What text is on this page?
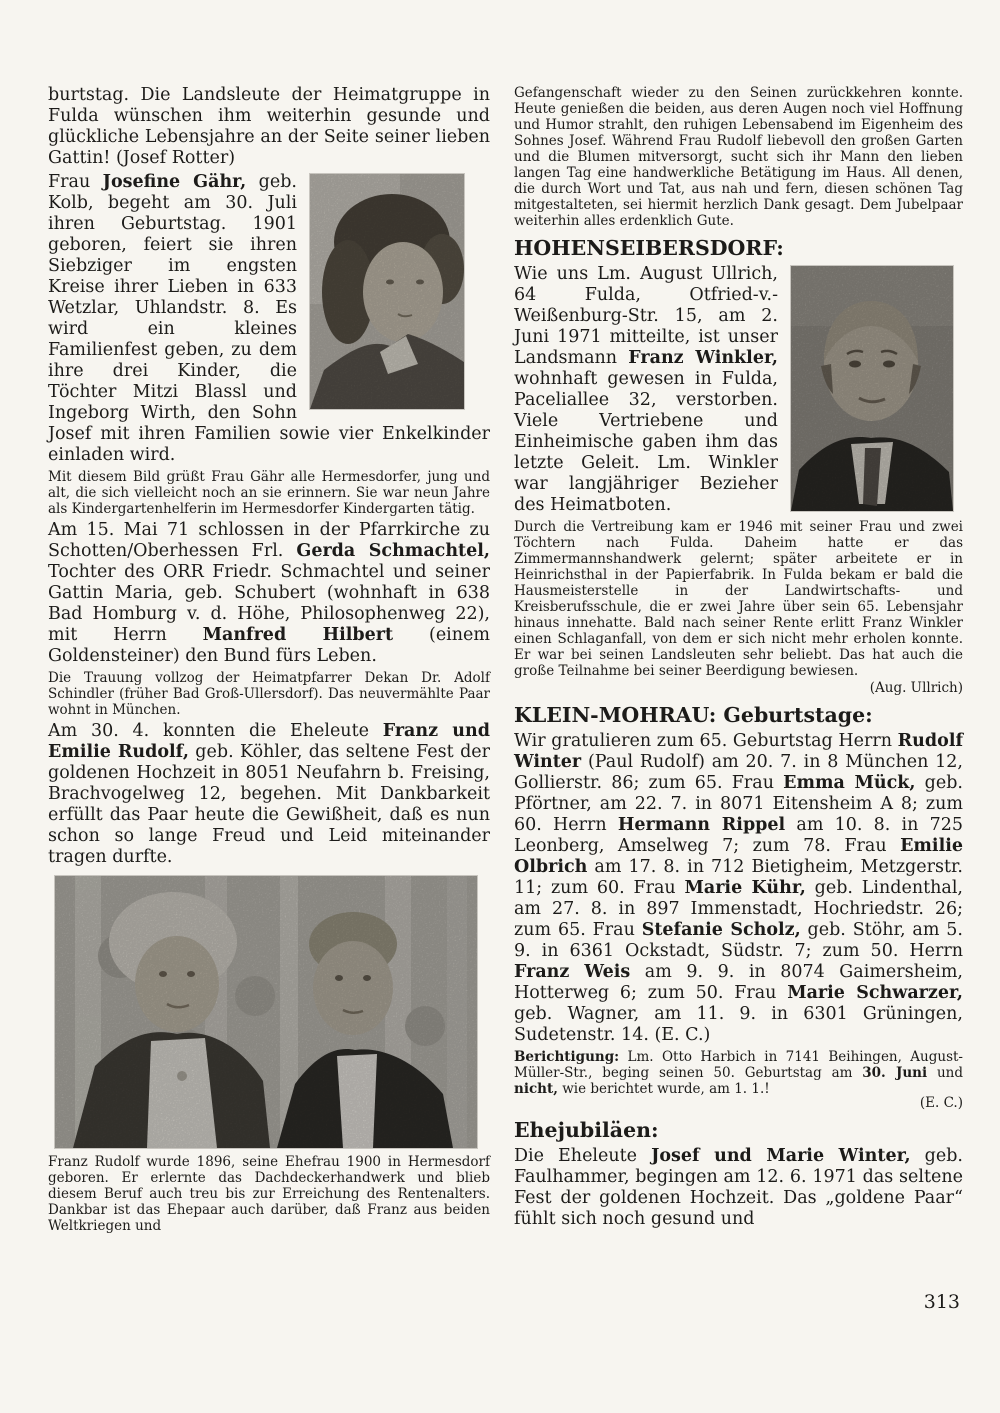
burtstag. Die Landsleute der Heimatgruppe in Fulda wünschen ihm weiterhin gesunde und glückliche Lebensjahre an der Seite seiner lieben Gattin! (Josef Rotter)

Frau Josefine Gähr, geb. Kolb, begeht am 30. Juli ihren Geburtstag. 1901 geboren, feiert sie ihren Siebziger im engsten Kreise ihrer Lieben in 633 Wetzlar, Uhlandstr. 8. Es wird ein kleines Familienfest geben, zu dem ihre drei Kinder, die Töchter Mitzi Blassl und Ingeborg Wirth, den Sohn Josef mit ihren Familien sowie vier Enkelkinder einladen wird.

Mit diesem Bild grüßt Frau Gähr alle Hermesdorfer, jung und alt, die sich vielleicht noch an sie erinnern. Sie war neun Jahre als Kindergartenhelferin im Hermesdorfer Kindergarten tätig.

Am 15. Mai 71 schlossen in der Pfarrkirche zu Schotten/Oberhessen Frl. Gerda Schmachtel, Tochter des ORR Friedr. Schmachtel und seiner Gattin Maria, geb. Schubert (wohnhaft in 638 Bad Homburg v. d. Höhe, Philosophenweg 22), mit Herrn Manfred Hilbert (einem Goldensteiner) den Bund fürs Leben.

Die Trauung vollzog der Heimatpfarrer Dekan Dr. Adolf Schindler (früher Bad Groß-Ullersdorf). Das neuvermählte Paar wohnt in München.

Am 30. 4. konnten die Eheleute Franz und Emilie Rudolf, geb. Köhler, das seltene Fest der goldenen Hochzeit in 8051 Neufahrn b. Freising, Brachvogelweg 12, begehen. Mit Dankbarkeit erfüllt das Paar heute die Gewißheit, daß es nun schon so lange Freud und Leid miteinander tragen durfte.

Franz Rudolf wurde 1896, seine Ehefrau 1900 in Hermesdorf geboren. Er erlernte das Dachdeckerhandwerk und blieb diesem Beruf auch treu bis zur Erreichung des Rentenalters. Dankbar ist das Ehepaar auch darüber, daß Franz aus beiden Weltkriegen und

Gefangenschaft wieder zu den Seinen zurückkehren konnte. Heute genießen die beiden, aus deren Augen noch viel Hoffnung und Humor strahlt, den ruhigen Lebensabend im Eigenheim des Sohnes Josef. Während Frau Rudolf liebevoll den großen Garten und die Blumen mitversorgt, sucht sich ihr Mann den lieben langen Tag eine handwerkliche Betätigung im Haus. All denen, die durch Wort und Tat, aus nah und fern, diesen schönen Tag mitgestalteten, sei hiermit herzlich Dank gesagt. Dem Jubelpaar weiterhin alles erdenklich Gute.

HOHENSEIBERSDORF:

Wie uns Lm. August Ullrich, 64 Fulda, Otfried-v.-Weißenburg-Str. 15, am 2. Juni 1971 mitteilte, ist unser Landsmann Franz Winkler, wohnhaft gewesen in Fulda, Paceliallee 32, verstorben. Viele Vertriebene und Einheimische gaben ihm das letzte Geleit. Lm. Winkler war langjähriger Bezieher des Heimatboten.

Durch die Vertreibung kam er 1946 mit seiner Frau und zwei Töchtern nach Fulda. Daheim hatte er das Zimmermannshandwerk gelernt; später arbeitete er in Heinrichsthal in der Papierfabrik. In Fulda bekam er bald die Hausmeisterstelle in der Landwirtschafts- und Kreisberufsschule, die er zwei Jahre über sein 65. Lebensjahr hinaus innehatte. Bald nach seiner Rente erlitt Franz Winkler einen Schlaganfall, von dem er sich nicht mehr erholen konnte. Er war bei seinen Landsleuten sehr beliebt. Das hat auch die große Teilnahme bei seiner Beerdigung bewiesen.

(Aug. Ullrich)

KLEIN-MOHRAU: Geburtstage:

Wir gratulieren zum 65. Geburtstag Herrn Rudolf Winter (Paul Rudolf) am 20. 7. in 8 München 12, Gollierstr. 86; zum 65. Frau Emma Mück, geb. Pförtner, am 22. 7. in 8071 Eitensheim A 8; zum 60. Herrn Hermann Rippel am 10. 8. in 725 Leonberg, Amselweg 7; zum 78. Frau Emilie Olbrich am 17. 8. in 712 Bietigheim, Metzgerstr. 11; zum 60. Frau Marie Kühr, geb. Lindenthal, am 27. 8. in 897 Immenstadt, Hochriedstr. 26; zum 65. Frau Stefanie Scholz, geb. Stöhr, am 5. 9. in 6361 Ockstadt, Südstr. 7; zum 50. Herrn Franz Weis am 9. 9. in 8074 Gaimersheim, Hotterweg 6; zum 50. Frau Marie Schwarzer, geb. Wagner, am 11. 9. in 6301 Grüningen, Sudetenstr. 14. (E. C.)

Berichtigung: Lm. Otto Harbich in 7141 Beihingen, August-Müller-Str., beging seinen 50. Geburtstag am 30. Juni und nicht, wie berichtet wurde, am 1. 1.!

(E. C.)

Ehejubiläen:

Die Eheleute Josef und Marie Winter, geb. Faulhammer, begingen am 12. 6. 1971 das seltene Fest der goldenen Hochzeit. Das „goldene Paar“ fühlt sich noch gesund und

313
